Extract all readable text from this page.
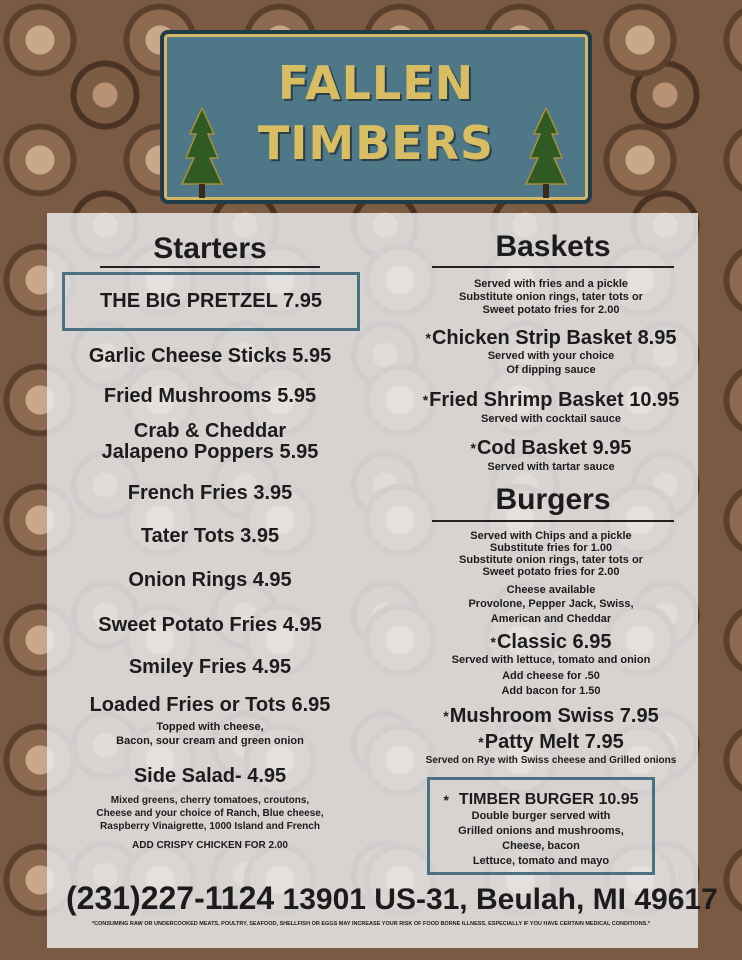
FALLEN
TIMBERS
Starters
THE BIG PRETZEL 7.95
Garlic Cheese Sticks 5.95
Fried Mushrooms 5.95
Crab & Cheddar
Jalapeno Poppers 5.95
French Fries 3.95
Tater Tots 3.95
Onion Rings 4.95
Sweet Potato Fries 4.95
Smiley Fries 4.95
Loaded Fries or Tots 6.95
Topped with cheese,
Bacon, sour cream and green onion
Side Salad- 4.95
Mixed greens, cherry tomatoes, croutons,
Cheese and your choice of Ranch, Blue cheese,
Raspberry Vinaigrette, 1000 Island and French
ADD CRISPY CHICKEN FOR 2.00
Baskets
Served with fries and a pickle
Substitute onion rings, tater tots or
Sweet potato fries for 2.00
*Chicken Strip Basket 8.95
Served with your choice
Of dipping sauce
*Fried Shrimp Basket 10.95
Served with cocktail sauce
*Cod Basket 9.95
Served with tartar sauce
Burgers
Served with Chips and a pickle
Substitute fries for 1.00
Substitute onion rings, tater tots or
Sweet potato fries for 2.00
Cheese available
Provolone, Pepper Jack, Swiss,
American and Cheddar
*Classic 6.95
Served with lettuce, tomato and onion
Add cheese for .50
Add bacon for 1.50
*Mushroom Swiss 7.95
*Patty Melt 7.95
Served on Rye with Swiss cheese and Grilled onions
* TIMBER BURGER 10.95
Double burger served with
Grilled onions and mushrooms,
Cheese, bacon
Lettuce, tomato and mayo
(231)227-1124 13901 US-31, Beulah, MI 49617
*CONSUMING RAW OR UNDERCOOKED MEATS, POULTRY, SEAFOOD, SHELLFISH OR EGGS MAY INCREASE YOUR RISK OF FOOD BORNE ILLNESS, ESPECIALLY IF YOU HAVE CERTAIN MEDICAL CONDITIONS.*
